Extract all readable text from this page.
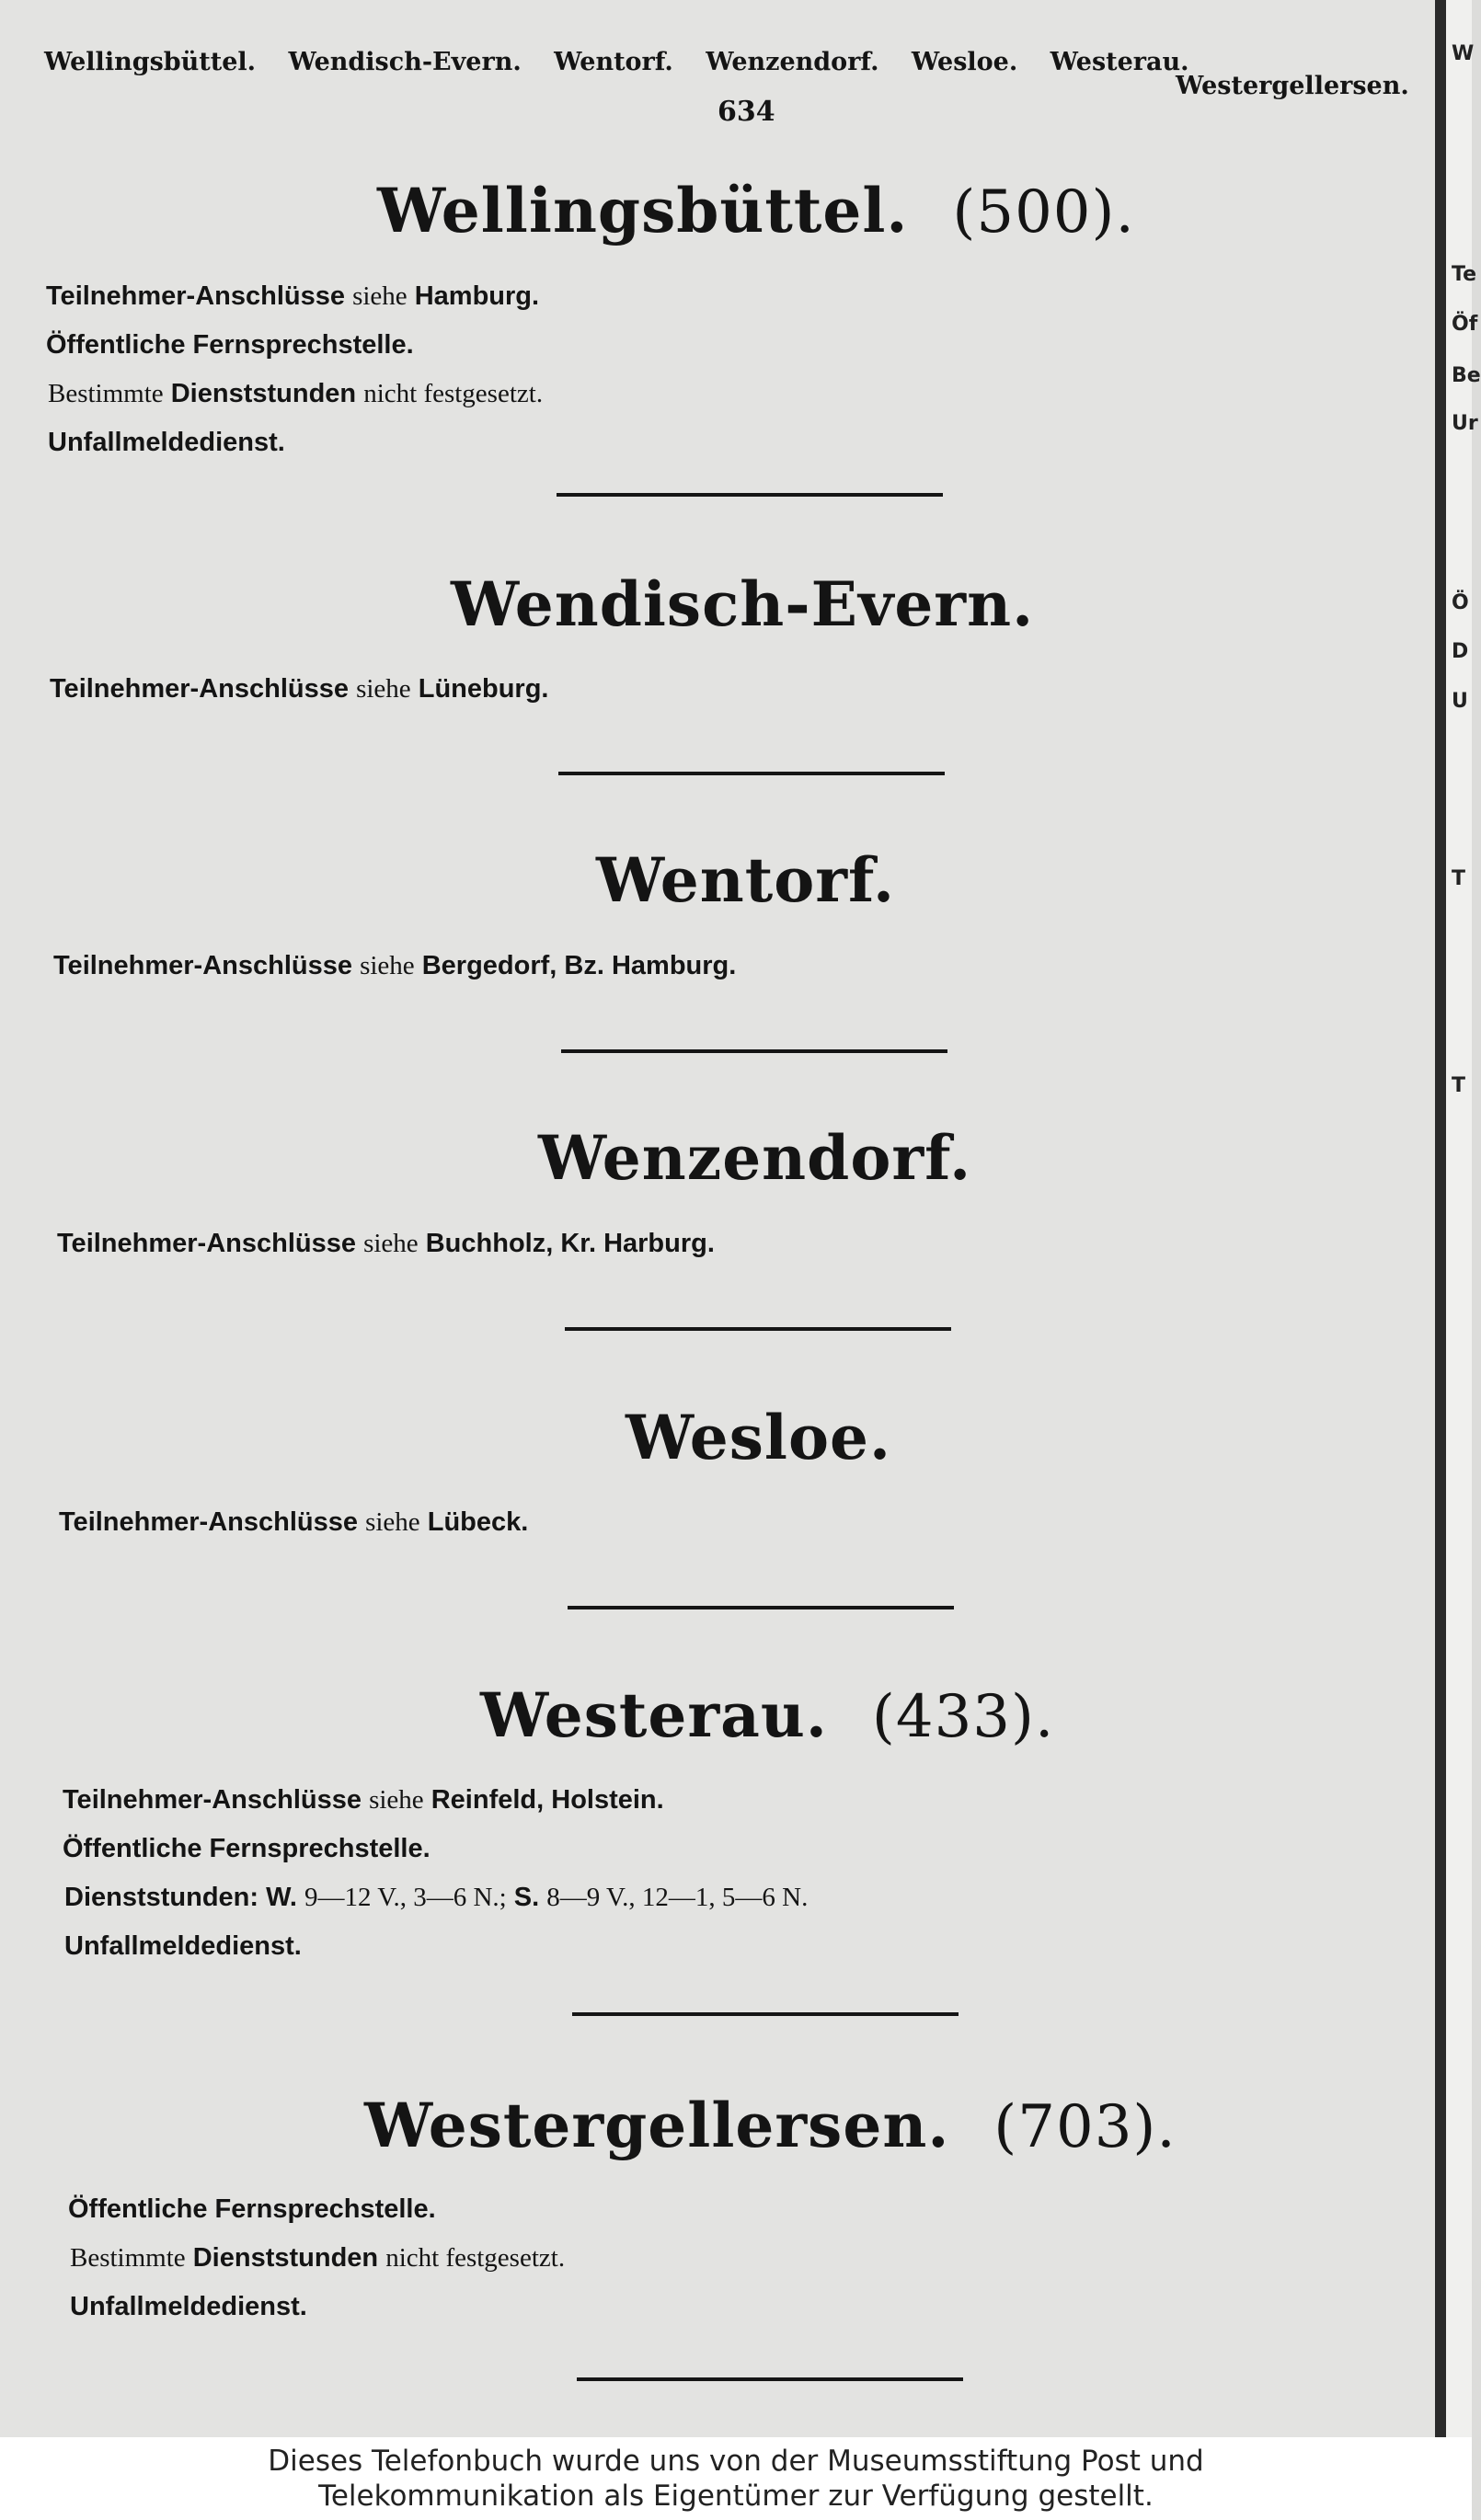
W
Te
Öf
Be
Ur
Ö
D
U
T
T
Wellingsbüttel. Wendisch-Evern. Wentorf. Wenzendorf. Wesloe. Westerau.
Westergellersen.
634
Wellingsbüttel. (500).
Teilnehmer-Anschlüsse siehe Hamburg.
Öffentliche Fernsprechstelle.
Bestimmte Dienststunden nicht festgesetzt.
Unfallmeldedienst.
Wendisch-Evern.
Teilnehmer-Anschlüsse siehe Lüneburg.
Wentorf.
Teilnehmer-Anschlüsse siehe Bergedorf, Bz. Hamburg.
Wenzendorf.
Teilnehmer-Anschlüsse siehe Buchholz, Kr. Harburg.
Wesloe.
Teilnehmer-Anschlüsse siehe Lübeck.
Westerau. (433).
Teilnehmer-Anschlüsse siehe Reinfeld, Holstein.
Öffentliche Fernsprechstelle.
Dienststunden: W. 9—12 V., 3—6 N.; S. 8—9 V., 12—1, 5—6 N.
Unfallmeldedienst.
Westergellersen. (703).
Öffentliche Fernsprechstelle.
Bestimmte Dienststunden nicht festgesetzt.
Unfallmeldedienst.
Dieses Telefonbuch wurde uns von der Museumsstiftung Post und
Telekommunikation als Eigentümer zur Verfügung gestellt.
